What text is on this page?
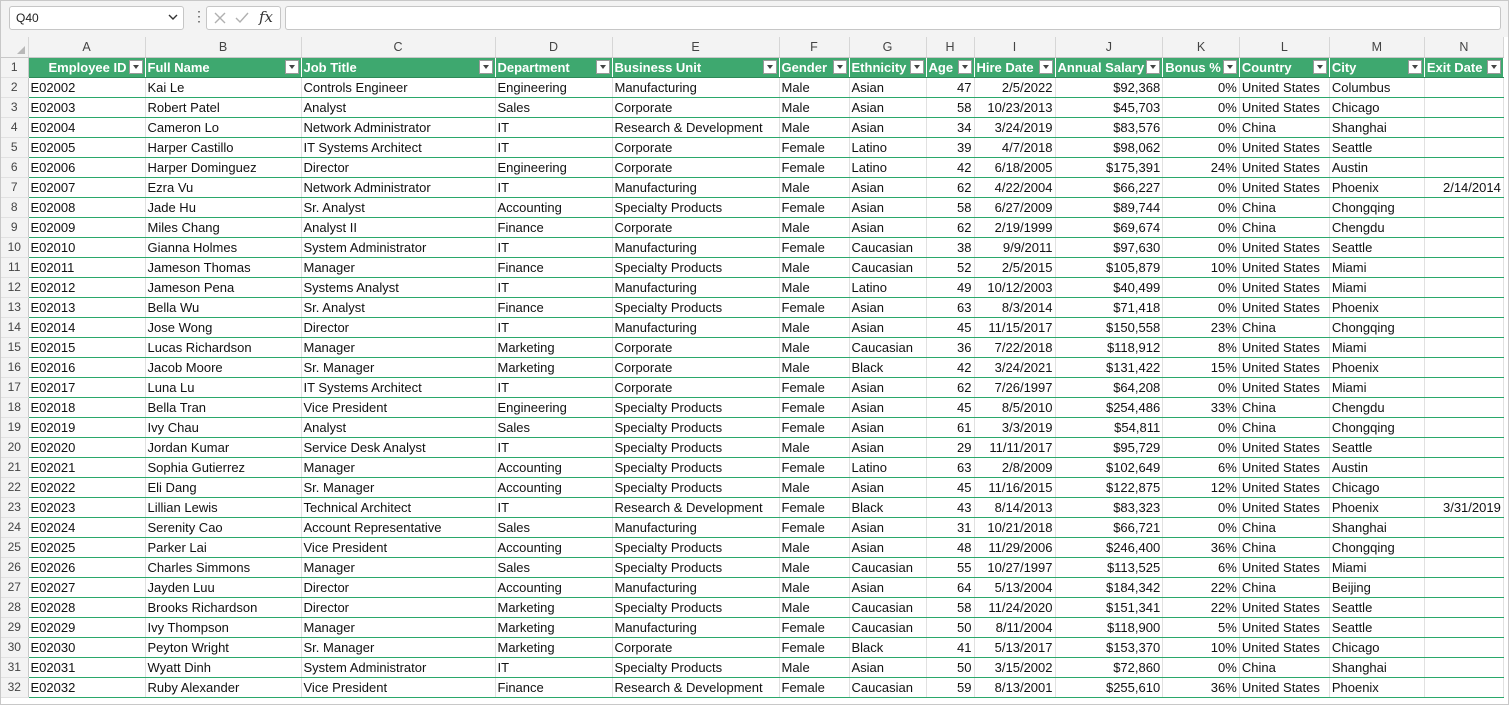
Q40	⋮	fx
	A	B	C	D	E	F	G	H	I	J	K	L	M	N
1	Employee ID	Full Name	Job Title	Department	Business Unit	Gender	Ethnicity	Age	Hire Date	Annual Salary	Bonus %	Country	City	Exit Date

2	E02002	Kai Le	Controls Engineer	Engineering	Manufacturing	Male	Asian	47	2/5/2022	$92,368	0%	United States	Columbus	
3	E02003	Robert Patel	Analyst	Sales	Corporate	Male	Asian	58	10/23/2013	$45,703	0%	United States	Chicago	
4	E02004	Cameron Lo	Network Administrator	IT	Research & Development	Male	Asian	34	3/24/2019	$83,576	0%	China	Shanghai	
5	E02005	Harper Castillo	IT Systems Architect	IT	Corporate	Female	Latino	39	4/7/2018	$98,062	0%	United States	Seattle	
6	E02006	Harper Dominguez	Director	Engineering	Corporate	Female	Latino	42	6/18/2005	$175,391	24%	United States	Austin	
7	E02007	Ezra Vu	Network Administrator	IT	Manufacturing	Male	Asian	62	4/22/2004	$66,227	0%	United States	Phoenix	2/14/2014
8	E02008	Jade Hu	Sr. Analyst	Accounting	Specialty Products	Female	Asian	58	6/27/2009	$89,744	0%	China	Chongqing	
9	E02009	Miles Chang	Analyst II	Finance	Corporate	Male	Asian	62	2/19/1999	$69,674	0%	China	Chengdu	
10	E02010	Gianna Holmes	System Administrator	IT	Manufacturing	Female	Caucasian	38	9/9/2011	$97,630	0%	United States	Seattle	
11	E02011	Jameson Thomas	Manager	Finance	Specialty Products	Male	Caucasian	52	2/5/2015	$105,879	10%	United States	Miami	
12	E02012	Jameson Pena	Systems Analyst	IT	Manufacturing	Male	Latino	49	10/12/2003	$40,499	0%	United States	Miami	
13	E02013	Bella Wu	Sr. Analyst	Finance	Specialty Products	Female	Asian	63	8/3/2014	$71,418	0%	United States	Phoenix	
14	E02014	Jose Wong	Director	IT	Manufacturing	Male	Asian	45	11/15/2017	$150,558	23%	China	Chongqing	
15	E02015	Lucas Richardson	Manager	Marketing	Corporate	Male	Caucasian	36	7/22/2018	$118,912	8%	United States	Miami	
16	E02016	Jacob Moore	Sr. Manager	Marketing	Corporate	Male	Black	42	3/24/2021	$131,422	15%	United States	Phoenix	
17	E02017	Luna Lu	IT Systems Architect	IT	Corporate	Female	Asian	62	7/26/1997	$64,208	0%	United States	Miami	
18	E02018	Bella Tran	Vice President	Engineering	Specialty Products	Female	Asian	45	8/5/2010	$254,486	33%	China	Chengdu	
19	E02019	Ivy Chau	Analyst	Sales	Specialty Products	Female	Asian	61	3/3/2019	$54,811	0%	China	Chongqing	
20	E02020	Jordan Kumar	Service Desk Analyst	IT	Specialty Products	Male	Asian	29	11/11/2017	$95,729	0%	United States	Seattle	
21	E02021	Sophia Gutierrez	Manager	Accounting	Specialty Products	Female	Latino	63	2/8/2009	$102,649	6%	United States	Austin	
22	E02022	Eli Dang	Sr. Manager	Accounting	Specialty Products	Male	Asian	45	11/16/2015	$122,875	12%	United States	Chicago	
23	E02023	Lillian Lewis	Technical Architect	IT	Research & Development	Female	Black	43	8/14/2013	$83,323	0%	United States	Phoenix	3/31/2019
24	E02024	Serenity Cao	Account Representative	Sales	Manufacturing	Female	Asian	31	10/21/2018	$66,721	0%	China	Shanghai	
25	E02025	Parker Lai	Vice President	Accounting	Specialty Products	Male	Asian	48	11/29/2006	$246,400	36%	China	Chongqing	
26	E02026	Charles Simmons	Manager	Sales	Specialty Products	Male	Caucasian	55	10/27/1997	$113,525	6%	United States	Miami	
27	E02027	Jayden Luu	Director	Accounting	Manufacturing	Male	Asian	64	5/13/2004	$184,342	22%	China	Beijing	
28	E02028	Brooks Richardson	Director	Marketing	Specialty Products	Male	Caucasian	58	11/24/2020	$151,341	22%	United States	Seattle	
29	E02029	Ivy Thompson	Manager	Marketing	Manufacturing	Female	Caucasian	50	8/11/2004	$118,900	5%	United States	Seattle	
30	E02030	Peyton Wright	Sr. Manager	Marketing	Corporate	Female	Black	41	5/13/2017	$153,370	10%	United States	Chicago	
31	E02031	Wyatt Dinh	System Administrator	IT	Specialty Products	Male	Asian	50	3/15/2002	$72,860	0%	China	Shanghai	
32	E02032	Ruby Alexander	Vice President	Finance	Research & Development	Female	Caucasian	59	8/13/2001	$255,610	36%	United States	Phoenix	
